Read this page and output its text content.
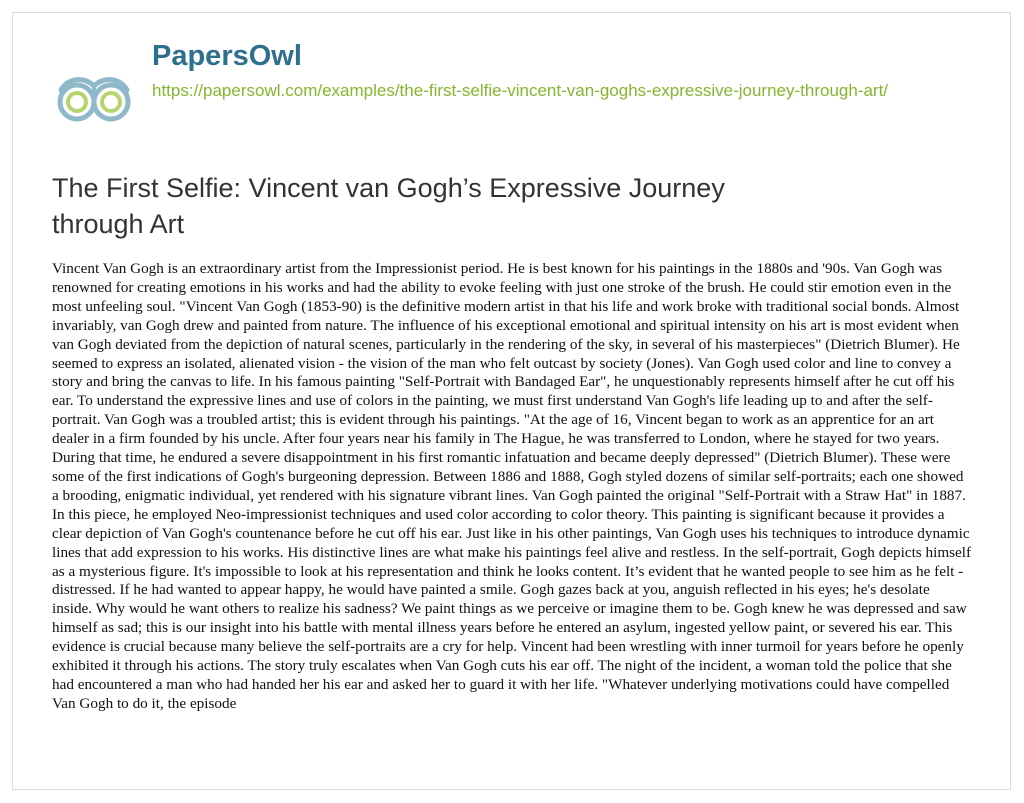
PapersOwl
https://papersowl.com/examples/the-first-selfie-vincent-van-goghs-expressive-journey-through-art/
The First Selfie: Vincent van Gogh’s Expressive Journey through Art

Vincent Van Gogh is an extraordinary artist from the Impressionist period. He is best known for his paintings in the 1880s and '90s. Van Gogh was renowned for creating emotions in his works and had the ability to evoke feeling with just one stroke of the brush. He could stir emotion even in the most unfeeling soul. "Vincent Van Gogh (1853-90) is the definitive modern artist in that his life and work broke with traditional social bonds. Almost invariably, van Gogh drew and painted from nature. The influence of his exceptional emotional and spiritual intensity on his art is most evident when van Gogh deviated from the depiction of natural scenes, particularly in the rendering of the sky, in several of his masterpieces" (Dietrich Blumer). He seemed to express an isolated, alienated vision - the vision of the man who felt outcast by society (Jones). Van Gogh used color and line to convey a story and bring the canvas to life. In his famous painting "Self-Portrait with Bandaged Ear", he unquestionably represents himself after he cut off his ear. To understand the expressive lines and use of colors in the painting, we must first understand Van Gogh's life leading up to and after the self-portrait. Van Gogh was a troubled artist; this is evident through his paintings. "At the age of 16, Vincent began to work as an apprentice for an art dealer in a firm founded by his uncle. After four years near his family in The Hague, he was transferred to London, where he stayed for two years. During that time, he endured a severe disappointment in his first romantic infatuation and became deeply depressed" (Dietrich Blumer). These were some of the first indications of Gogh's burgeoning depression. Between 1886 and 1888, Gogh styled dozens of similar self-portraits; each one showed a brooding, enigmatic individual, yet rendered with his signature vibrant lines. Van Gogh painted the original "Self-Portrait with a Straw Hat" in 1887. In this piece, he employed Neo-impressionist techniques and used color according to color theory. This painting is significant because it provides a clear depiction of Van Gogh's countenance before he cut off his ear. Just like in his other paintings, Van Gogh uses his techniques to introduce dynamic lines that add expression to his works. His distinctive lines are what make his paintings feel alive and restless. In the self-portrait, Gogh depicts himself as a mysterious figure. It's impossible to look at his representation and think he looks content. It’s evident that he wanted people to see him as he felt - distressed. If he had wanted to appear happy, he would have painted a smile. Gogh gazes back at you, anguish reflected in his eyes; he's desolate inside. Why would he want others to realize his sadness? We paint things as we perceive or imagine them to be. Gogh knew he was depressed and saw himself as sad; this is our insight into his battle with mental illness years before he entered an asylum, ingested yellow paint, or severed his ear. This evidence is crucial because many believe the self-portraits are a cry for help. Vincent had been wrestling with inner turmoil for years before he openly exhibited it through his actions. The story truly escalates when Van Gogh cuts his ear off. The night of the incident, a woman told the police that she had encountered a man who had handed her his ear and asked her to guard it with her life. "Whatever underlying motivations could have compelled Van Gogh to do it, the episode
